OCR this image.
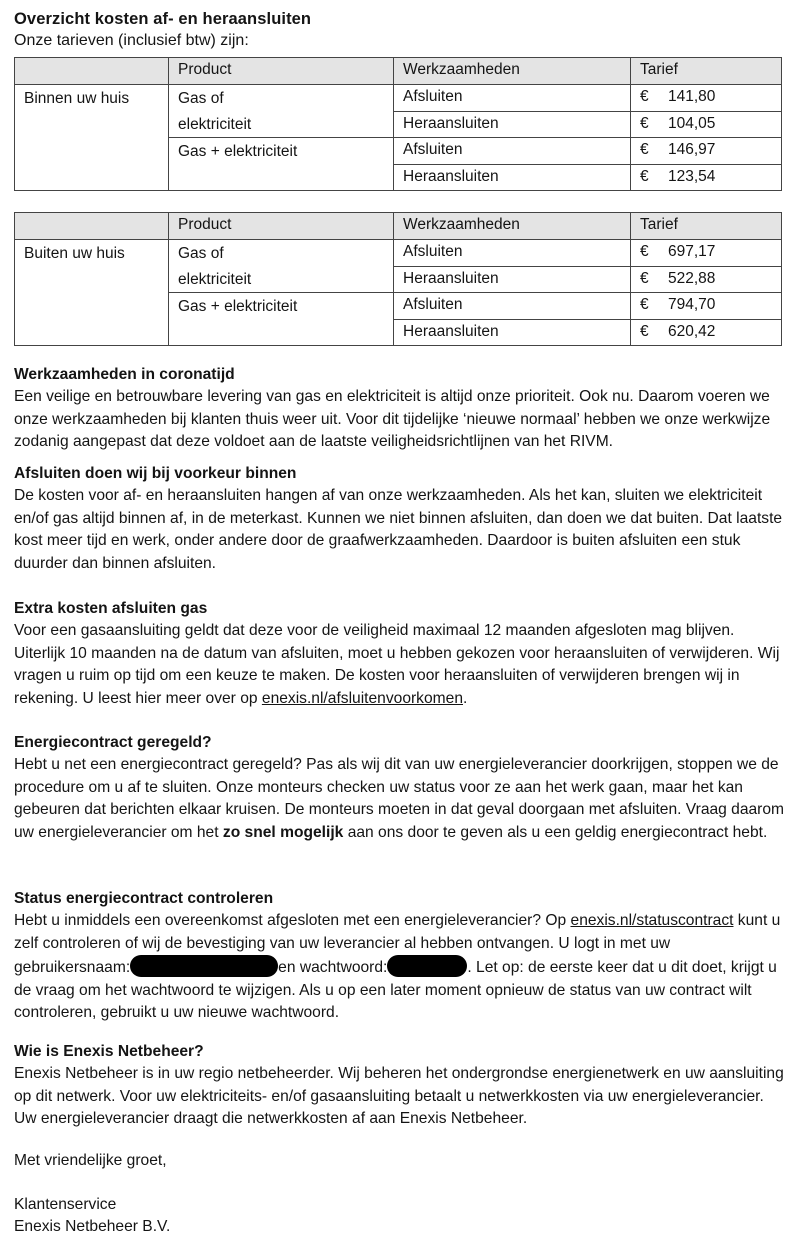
Overzicht kosten af- en heraansluiten
Onze tarieven (inclusief btw) zijn:
	Product	Werkzaamheden	Tarief
Binnen uw huis	Gas of	Afsluiten	€ 141,80
	elektriciteit	Heraansluiten	€ 104,05
	Gas + elektriciteit	Afsluiten	€ 146,97
		Heraansluiten	€ 123,54
	Product	Werkzaamheden	Tarief
Buiten uw huis	Gas of	Afsluiten	€ 697,17
	elektriciteit	Heraansluiten	€ 522,88
	Gas + elektriciteit	Afsluiten	€ 794,70
		Heraansluiten	€ 620,42
Werkzaamheden in coronatijd

Een veilige en betrouwbare levering van gas en elektriciteit is altijd onze prioriteit. Ook nu. Daarom voeren we onze werkzaamheden bij klanten thuis weer uit. Voor dit tijdelijke ‘nieuwe normaal’ hebben we onze werkwijze zodanig aangepast dat deze voldoet aan de laatste veiligheidsrichtlijnen van het RIVM.

Afsluiten doen wij bij voorkeur binnen

De kosten voor af- en heraansluiten hangen af van onze werkzaamheden. Als het kan, sluiten we elektriciteit en/of gas altijd binnen af, in de meterkast. Kunnen we niet binnen afsluiten, dan doen we dat buiten. Dat laatste kost meer tijd en werk, onder andere door de graafwerkzaamheden. Daardoor is buiten afsluiten een stuk duurder dan binnen afsluiten.

Extra kosten afsluiten gas

Voor een gasaansluiting geldt dat deze voor de veiligheid maximaal 12 maanden afgesloten mag blijven. Uiterlijk 10 maanden na de datum van afsluiten, moet u hebben gekozen voor heraansluiten of verwijderen. Wij vragen u ruim op tijd om een keuze te maken. De kosten voor heraansluiten of verwijderen brengen wij in rekening. U leest hier meer over op enexis.nl/afsluitenvoorkomen.

Energiecontract geregeld?

Hebt u net een energiecontract geregeld? Pas als wij dit van uw energieleverancier doorkrijgen, stoppen we de procedure om u af te sluiten. Onze monteurs checken uw status voor ze aan het werk gaan, maar het kan gebeuren dat berichten elkaar kruisen. De monteurs moeten in dat geval doorgaan met afsluiten. Vraag daarom uw energieleverancier om het zo snel mogelijk aan ons door te geven als u een geldig energiecontract hebt.

Status energiecontract controleren

Hebt u inmiddels een overeenkomst afgesloten met een energieleverancier? Op enexis.nl/statuscontract kunt u zelf controleren of wij de bevestiging van uw leverancier al hebben ontvangen. U logt in met uw gebruikersnaam:	en wachtwoord:	. Let op: de eerste keer dat u dit doet, krijgt u de vraag om het wachtwoord te wijzigen. Als u op een later moment opnieuw de status van uw contract wilt controleren, gebruikt u uw nieuwe wachtwoord.

Wie is Enexis Netbeheer?

Enexis Netbeheer is in uw regio netbeheerder. Wij beheren het ondergrondse energienetwerk en uw aansluiting op dit netwerk. Voor uw elektriciteits- en/of gasaansluiting betaalt u netwerkkosten via uw energieleverancier. Uw energieleverancier draagt die netwerkkosten af aan Enexis Netbeheer.

Met vriendelijke groet,
Klantenservice
Enexis Netbeheer B.V.
